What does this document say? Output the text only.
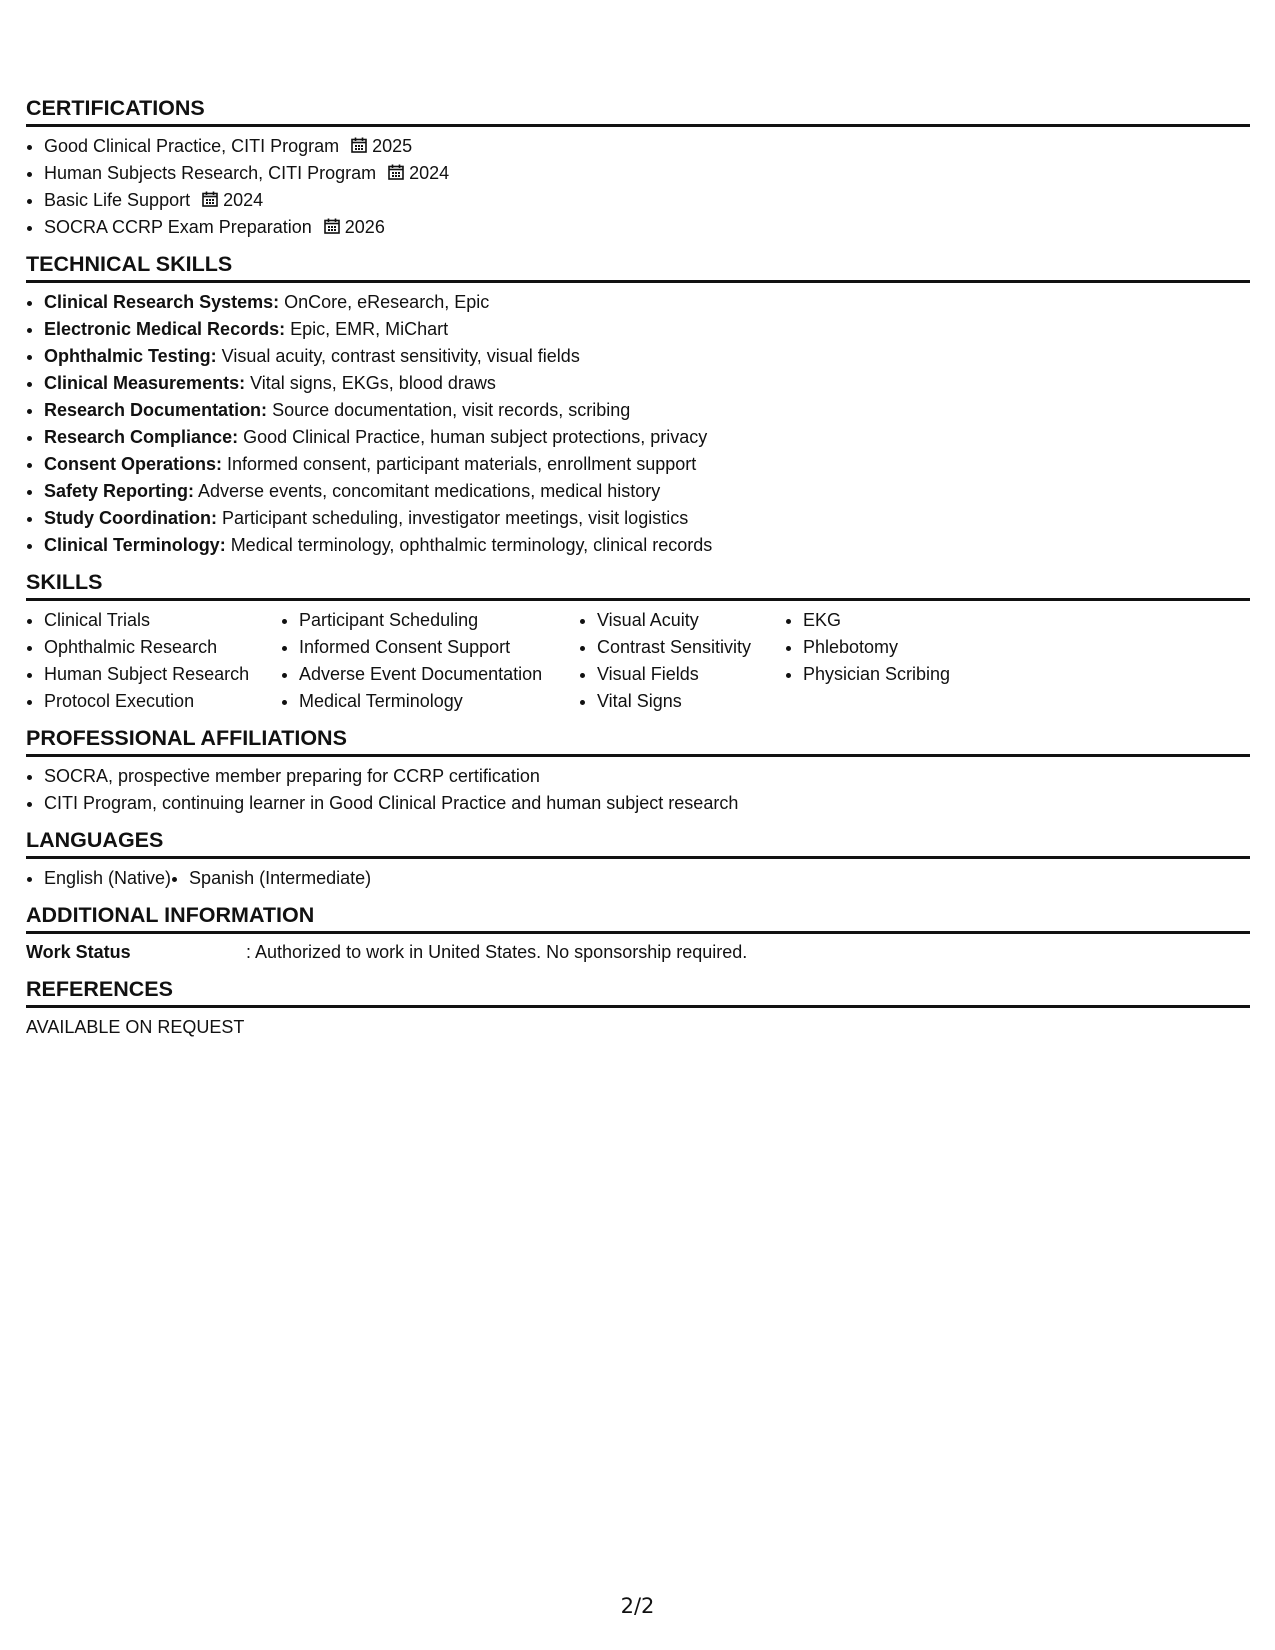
CERTIFICATIONS
• Good Clinical Practice, CITI Program 2025
• Human Subjects Research, CITI Program 2024
• Basic Life Support 2024
• SOCRA CCRP Exam Preparation 2026
TECHNICAL SKILLS
• Clinical Research Systems: OnCore, eResearch, Epic
• Electronic Medical Records: Epic, EMR, MiChart
• Ophthalmic Testing: Visual acuity, contrast sensitivity, visual fields
• Clinical Measurements: Vital signs, EKGs, blood draws
• Research Documentation: Source documentation, visit records, scribing
• Research Compliance: Good Clinical Practice, human subject protections, privacy
• Consent Operations: Informed consent, participant materials, enrollment support
• Safety Reporting: Adverse events, concomitant medications, medical history
• Study Coordination: Participant scheduling, investigator meetings, visit logistics
• Clinical Terminology: Medical terminology, ophthalmic terminology, clinical records
SKILLS
• Clinical Trials
• Ophthalmic Research
• Human Subject Research
• Protocol Execution
• Participant Scheduling
• Informed Consent Support
• Adverse Event Documentation
• Medical Terminology
• Visual Acuity
• Contrast Sensitivity
• Visual Fields
• Vital Signs
• EKG
• Phlebotomy
• Physician Scribing
PROFESSIONAL AFFILIATIONS
• SOCRA, prospective member preparing for CCRP certification
• CITI Program, continuing learner in Good Clinical Practice and human subject research
LANGUAGES
• English (Native)
• Spanish (Intermediate)
ADDITIONAL INFORMATION
Work Status	: Authorized to work in United States. No sponsorship required.
REFERENCES
AVAILABLE ON REQUEST
2/2
